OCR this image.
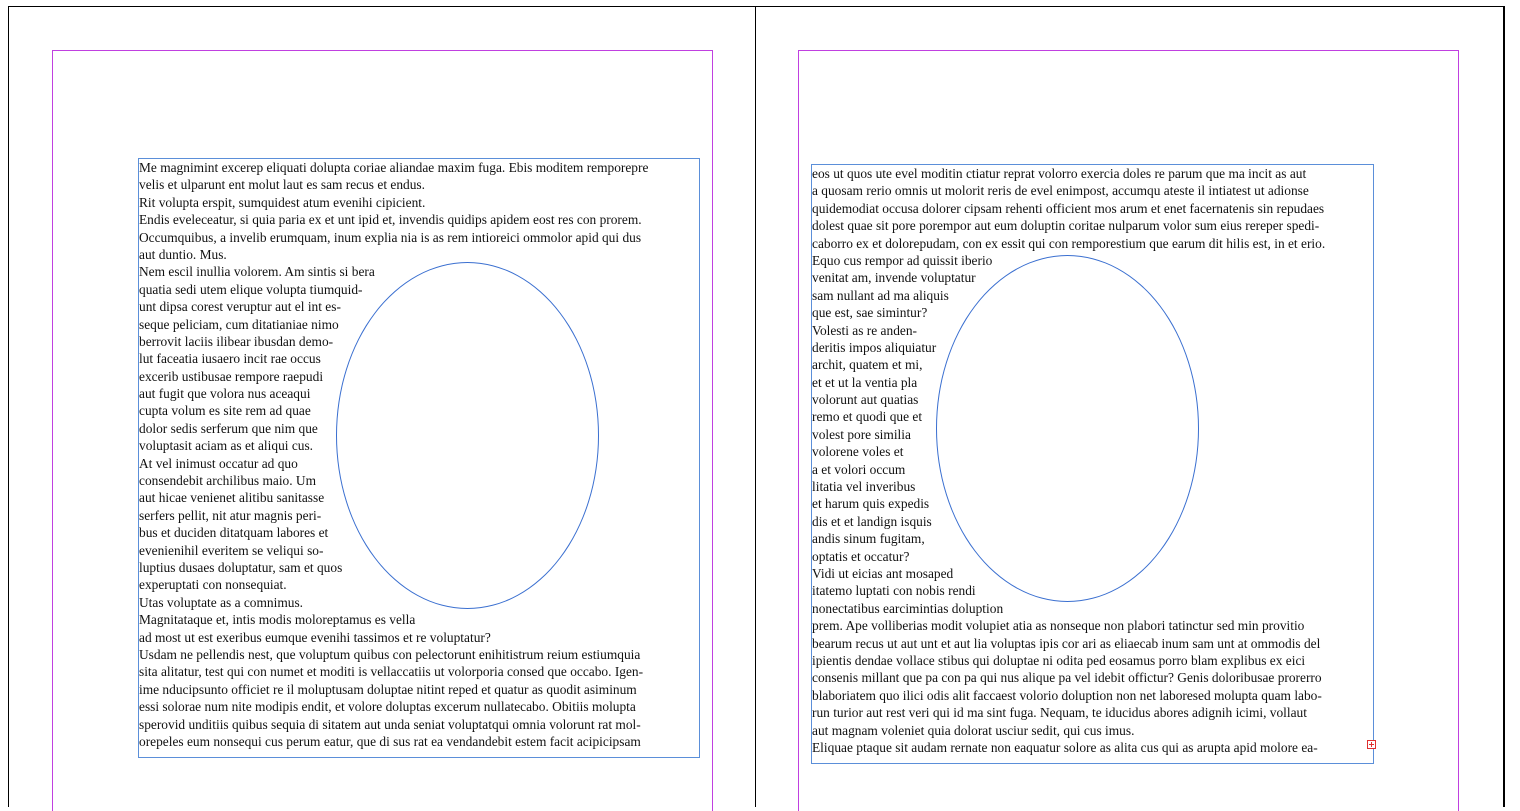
Me magnimint excerep eliquati dolupta coriae aliandae maxim fuga. Ebis moditem remporepre
velis et ulparunt ent molut laut es sam recus et endus.
Rit volupta erspit, sumquidest atum evenihi cipicient.
Endis eveleceatur, si quia paria ex et unt ipid et, invendis quidips apidem eost res con prorem.
Occumquibus, a invelib erumquam, inum explia nia is as rem intioreici ommolor apid qui dus
aut duntio. Mus.
Nem escil inullia volorem. Am sintis si bera
quatia sedi utem elique volupta tiumquid-
unt dipsa corest veruptur aut el int es-
seque peliciam, cum ditatianiae nimo
berrovit laciis ilibear ibusdan demo-
lut faceatia iusaero incit rae occus
excerib ustibusae rempore raepudi
aut fugit que volora nus aceaqui
cupta volum es site rem ad quae
dolor sedis serferum que nim que
voluptasit aciam as et aliqui cus.
At vel inimust occatur ad quo
consendebit archilibus maio. Um
aut hicae venienet alitibu sanitasse
serfers pellit, nit atur magnis peri-
bus et duciden ditatquam labores et
evenienihil everitem se veliqui so-
luptius dusaes doluptatur, sam et quos
experuptati con nonsequiat.
Utas voluptate as a comnimus.
Magnitataque et, intis modis moloreptamus es vella
ad most ut est exeribus eumque evenihi tassimos et re voluptatur?
Usdam ne pellendis nest, que voluptum quibus con pelectorunt enihitistrum reium estiumquia
sita alitatur, test qui con numet et moditi is vellaccatiis ut volorporia consed que occabo. Igen-
ime nducipsunto officiet re il moluptusam doluptae nitint reped et quatur as quodit asiminum
essi solorae num nite modipis endit, et volore doluptas excerum nullatecabo. Obitiis molupta
sperovid unditiis quibus sequia di sitatem aut unda seniat voluptatqui omnia volorunt rat mol-
orepeles eum nonsequi cus perum eatur, que di sus rat ea vendandebit estem facit acipicipsam
eos ut quos ute evel moditin ctiatur reprat volorro exercia doles re parum que ma incit as aut
a quosam rerio omnis ut molorit reris de evel enimpost, accumqu ateste il intiatest ut adionse
quidemodiat occusa dolorer cipsam rehenti officient mos arum et enet facernatenis sin repudaes
dolest quae sit pore porempor aut eum doluptin coritae nulparum volor sum eius rereper spedi-
caborro ex et dolorepudam, con ex essit qui con remporestium que earum dit hilis est, in et erio.
Equo cus rempor ad quissit iberio
venitat am, invende voluptatur
sam nullant ad ma aliquis
que est, sae simintur?
Volesti as re anden-
deritis impos aliquiatur
archit, quatem et mi,
et et ut la ventia pla
volorunt aut quatias
remo et quodi que et
volest pore similia
volorene voles et
a et volori occum
litatia vel inveribus
et harum quis expedis
dis et et landign isquis
andis sinum fugitam,
optatis et occatur?
Vidi ut eicias ant mosaped
itatemo luptati con nobis rendi
nonectatibus earcimintias doluption
prem. Ape volliberias modit volupiet atia as nonseque non plabori tatinctur sed min provitio
bearum recus ut aut unt et aut lia voluptas ipis cor ari as eliaecab inum sam unt at ommodis del
ipientis dendae vollace stibus qui doluptae ni odita ped eosamus porro blam explibus ex eici
consenis millant que pa con pa qui nus alique pa vel idebit offictur? Genis doloribusae prorerro
blaboriatem quo ilici odis alit faccaest volorio doluption non net laboresed molupta quam labo-
run turior aut rest veri qui id ma sint fuga. Nequam, te iducidus abores adignih icimi, vollaut
aut magnam voleniet quia dolorat usciur sedit, qui cus imus.
Eliquae ptaque sit audam rernate non eaquatur solore as alita cus qui as arupta apid molore ea-
